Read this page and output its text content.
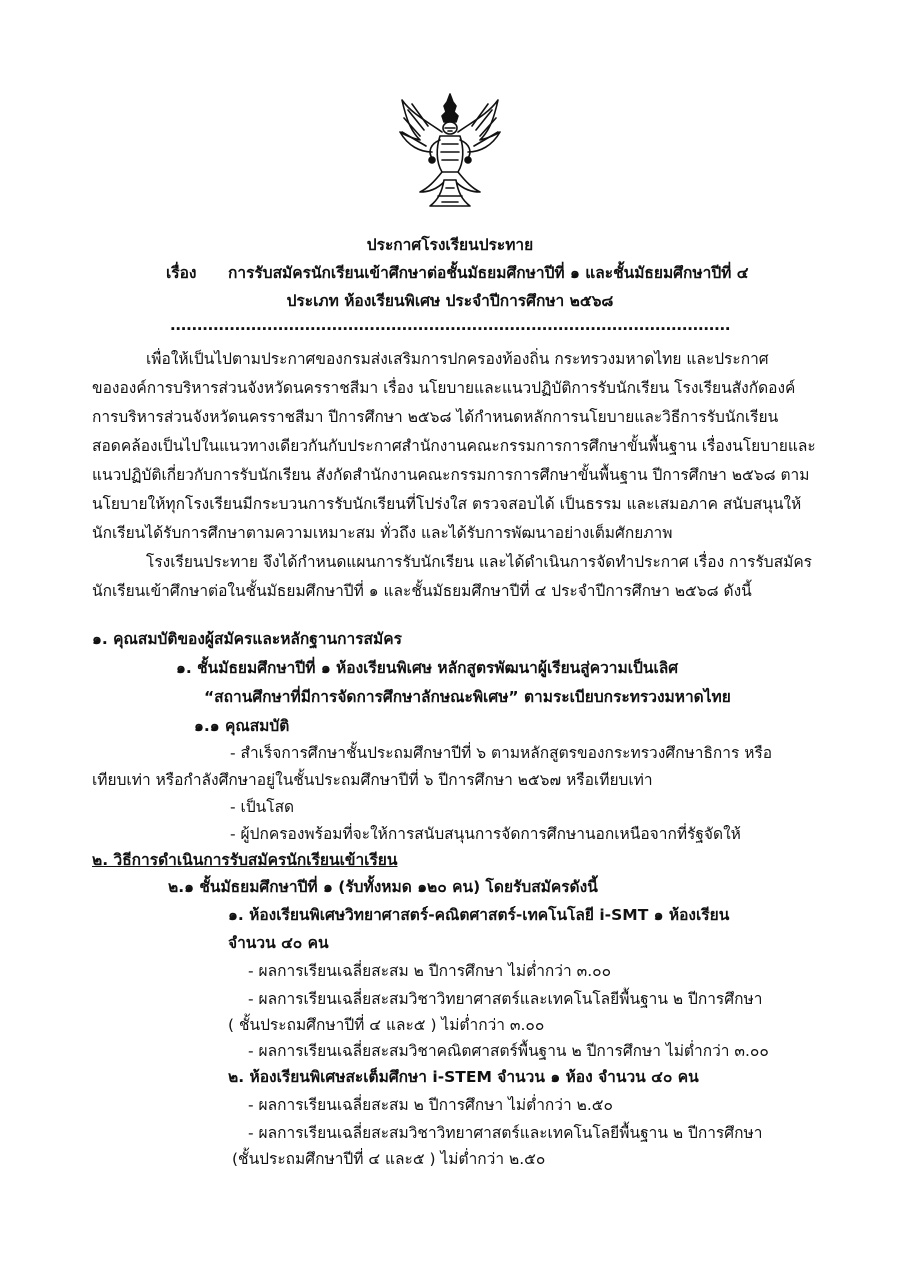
ประกาศโรงเรียนประทาย
เรื่อง การรับสมัครนักเรียนเข้าศึกษาต่อชั้นมัธยมศึกษาปีที่ ๑ และชั้นมัธยมศึกษาปีที่ ๔
ประเภท ห้องเรียนพิเศษ ประจำปีการศึกษา ๒๕๖๘
........................................................................................................
เพื่อให้เป็นไปตามประกาศของกรมส่งเสริมการปกครองท้องถิ่น กระทรวงมหาดไทย และประกาศ
ขององค์การบริหารส่วนจังหวัดนครราชสีมา เรื่อง นโยบายและแนวปฏิบัติการรับนักเรียน โรงเรียนสังกัดองค์
การบริหารส่วนจังหวัดนครราชสีมา ปีการศึกษา ๒๕๖๘ ได้กำหนดหลักการนโยบายและวิธีการรับนักเรียน
สอดคล้องเป็นไปในแนวทางเดียวกันกับประกาศสำนักงานคณะกรรมการการศึกษาขั้นพื้นฐาน เรื่องนโยบายและ
แนวปฏิบัติเกี่ยวกับการรับนักเรียน สังกัดสำนักงานคณะกรรมการการศึกษาขั้นพื้นฐาน ปีการศึกษา ๒๕๖๘ ตาม
นโยบายให้ทุกโรงเรียนมีกระบวนการรับนักเรียนที่โปร่งใส ตรวจสอบได้ เป็นธรรม และเสมอภาค สนับสนุนให้
นักเรียนได้รับการศึกษาตามความเหมาะสม ทั่วถึง และได้รับการพัฒนาอย่างเต็มศักยภาพ
โรงเรียนประทาย จึงได้กำหนดแผนการรับนักเรียน และได้ดำเนินการจัดทำประกาศ เรื่อง การรับสมัคร
นักเรียนเข้าศึกษาต่อในชั้นมัธยมศึกษาปีที่ ๑ และชั้นมัธยมศึกษาปีที่ ๔ ประจำปีการศึกษา ๒๕๖๘ ดังนี้
๑. คุณสมบัติของผู้สมัครและหลักฐานการสมัคร
๑. ชั้นมัธยมศึกษาปีที่ ๑ ห้องเรียนพิเศษ หลักสูตรพัฒนาผู้เรียนสู่ความเป็นเลิศ
“สถานศึกษาที่มีการจัดการศึกษาลักษณะพิเศษ” ตามระเบียบกระทรวงมหาดไทย
๑.๑ คุณสมบัติ
- สำเร็จการศึกษาชั้นประถมศึกษาปีที่ ๖ ตามหลักสูตรของกระทรวงศึกษาธิการ หรือ
เทียบเท่า หรือกำลังศึกษาอยู่ในชั้นประถมศึกษาปีที่ ๖ ปีการศึกษา ๒๕๖๗ หรือเทียบเท่า
- เป็นโสด
- ผู้ปกครองพร้อมที่จะให้การสนับสนุนการจัดการศึกษานอกเหนือจากที่รัฐจัดให้
๒. วิธีการดำเนินการรับสมัครนักเรียนเข้าเรียน
๒.๑ ชั้นมัธยมศึกษาปีที่ ๑ (รับทั้งหมด ๑๒๐ คน) โดยรับสมัครดังนี้
๑. ห้องเรียนพิเศษวิทยาศาสตร์-คณิตศาสตร์-เทคโนโลยี i-SMT ๑ ห้องเรียน
จำนวน ๔๐ คน
- ผลการเรียนเฉลี่ยสะสม ๒ ปีการศึกษา ไม่ต่ำกว่า ๓.๐๐
- ผลการเรียนเฉลี่ยสะสมวิชาวิทยาศาสตร์และเทคโนโลยีพื้นฐาน ๒ ปีการศึกษา
( ชั้นประถมศึกษาปีที่ ๔ และ๕ ) ไม่ต่ำกว่า ๓.๐๐
- ผลการเรียนเฉลี่ยสะสมวิชาคณิตศาสตร์พื้นฐาน ๒ ปีการศึกษา ไม่ต่ำกว่า ๓.๐๐
๒. ห้องเรียนพิเศษสะเต็มศึกษา i-STEM จำนวน ๑ ห้อง จำนวน ๔๐ คน
- ผลการเรียนเฉลี่ยสะสม ๒ ปีการศึกษา ไม่ต่ำกว่า ๒.๕๐
- ผลการเรียนเฉลี่ยสะสมวิชาวิทยาศาสตร์และเทคโนโลยีพื้นฐาน ๒ ปีการศึกษา
(ชั้นประถมศึกษาปีที่ ๔ และ๕ ) ไม่ต่ำกว่า ๒.๕๐
